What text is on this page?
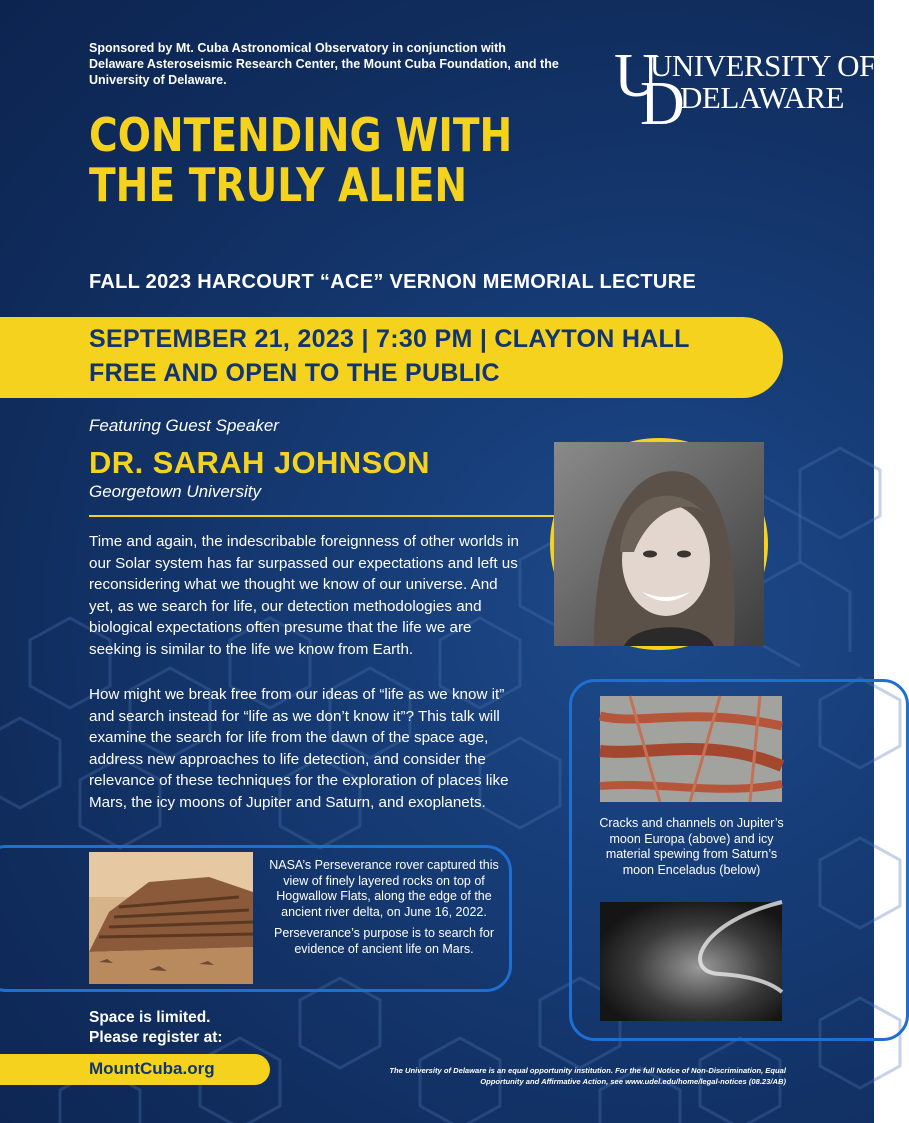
Sponsored by Mt. Cuba Astronomical Observatory in conjunction with Delaware Asteroseismic Research Center, the Mount Cuba Foundation, and the University of Delaware.	U
UNIVERSITY OF
D
DELAWARE
CONTENDING WITH
THE TRULY ALIEN
FALL 2023 HARCOURT “ACE” VERNON MEMORIAL LECTURE
SEPTEMBER 21, 2023 | 7:30 PM | CLAYTON HALL
FREE AND OPEN TO THE PUBLIC
Featuring Guest Speaker
DR. SARAH JOHNSON
Georgetown University
Time and again, the indescribable foreignness of other worlds in our Solar system has far surpassed our expectations and left us reconsidering what we thought we know of our universe. And yet, as we search for life, our detection methodologies and biological expectations often presume that the life we are seeking is similar to the life we know from Earth.
How might we break free from our ideas of “life as we know it” and search instead for “life as we don’t know it”? This talk will examine the search for life from the dawn of the space age, address new approaches to life detection, and consider the relevance of these techniques for the exploration of places like Mars, the icy moons of Jupiter and Saturn, and exoplanets.
NASA’s Perseverance rover captured this view of finely layered rocks on top of Hogwallow Flats, along the edge of the ancient river delta, on June 16, 2022.
Perseverance’s purpose is to search for evidence of ancient life on Mars.
Cracks and channels on Jupiter’s moon Europa (above) and icy material spewing from Saturn’s moon Enceladus (below)
Space is limited.
Please register at:
MountCuba.org	The University of Delaware is an equal opportunity institution. For the full Notice of Non-Discrimination, Equal Opportunity and Affirmative Action, see www.udel.edu/home/legal-notices (08.23/AB)
